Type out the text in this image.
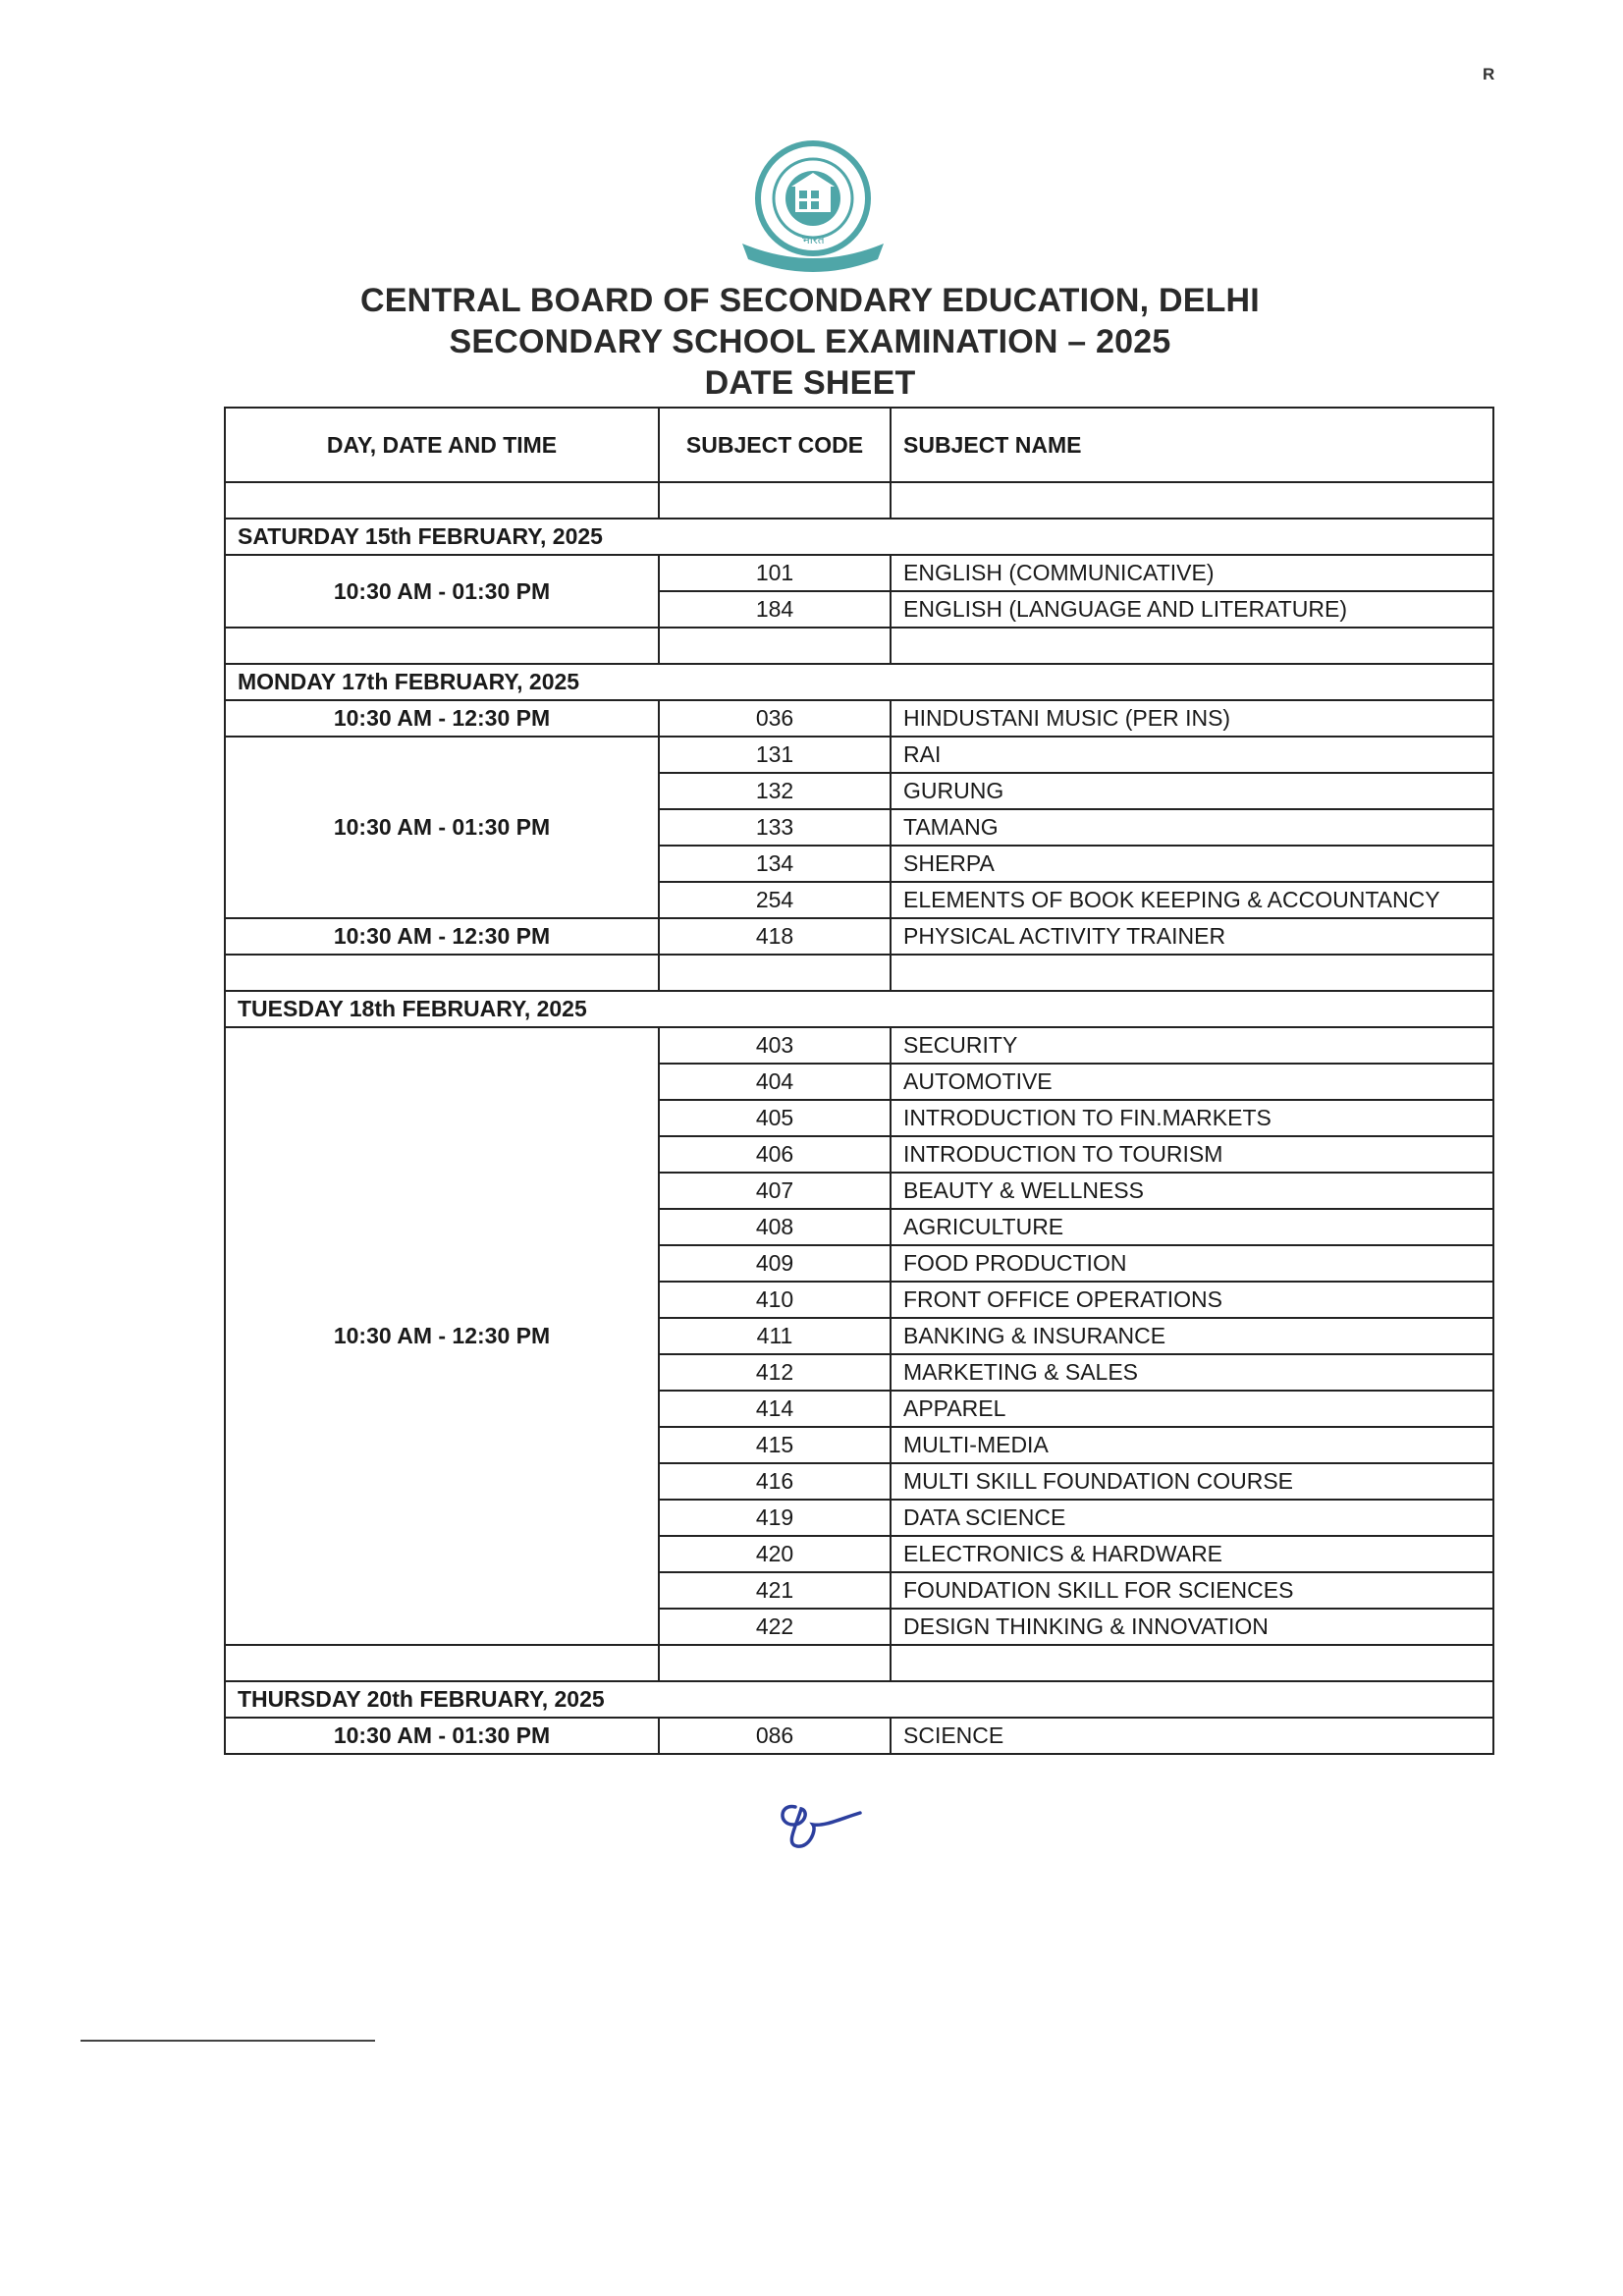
R
भारत
CENTRAL BOARD OF SECONDARY EDUCATION, DELHI
SECONDARY SCHOOL EXAMINATION – 2025
DATE SHEET
DAY, DATE AND TIME	SUBJECT CODE	SUBJECT NAME

SATURDAY 15th FEBRUARY, 2025		
10:30 AM - 01:30 PM	101	ENGLISH (COMMUNICATIVE)
	184	ENGLISH (LANGUAGE AND LITERATURE)

MONDAY 17th FEBRUARY, 2025		
10:30 AM - 12:30 PM	036	HINDUSTANI MUSIC (PER INS)
10:30 AM - 01:30 PM	131	RAI
	132	GURUNG
	133	TAMANG
	134	SHERPA
	254	ELEMENTS OF BOOK KEEPING & ACCOUNTANCY
10:30 AM - 12:30 PM	418	PHYSICAL ACTIVITY TRAINER

TUESDAY 18th FEBRUARY, 2025		
10:30 AM - 12:30 PM	403	SECURITY
	404	AUTOMOTIVE
	405	INTRODUCTION TO FIN.MARKETS
	406	INTRODUCTION TO TOURISM
	407	BEAUTY & WELLNESS
	408	AGRICULTURE
	409	FOOD PRODUCTION
	410	FRONT OFFICE OPERATIONS
	411	BANKING & INSURANCE
	412	MARKETING & SALES
	414	APPAREL
	415	MULTI-MEDIA
	416	MULTI SKILL FOUNDATION COURSE
	419	DATA SCIENCE
	420	ELECTRONICS & HARDWARE
	421	FOUNDATION SKILL FOR SCIENCES
	422	DESIGN THINKING & INNOVATION

THURSDAY 20th FEBRUARY, 2025		
10:30 AM - 01:30 PM	086	SCIENCE
